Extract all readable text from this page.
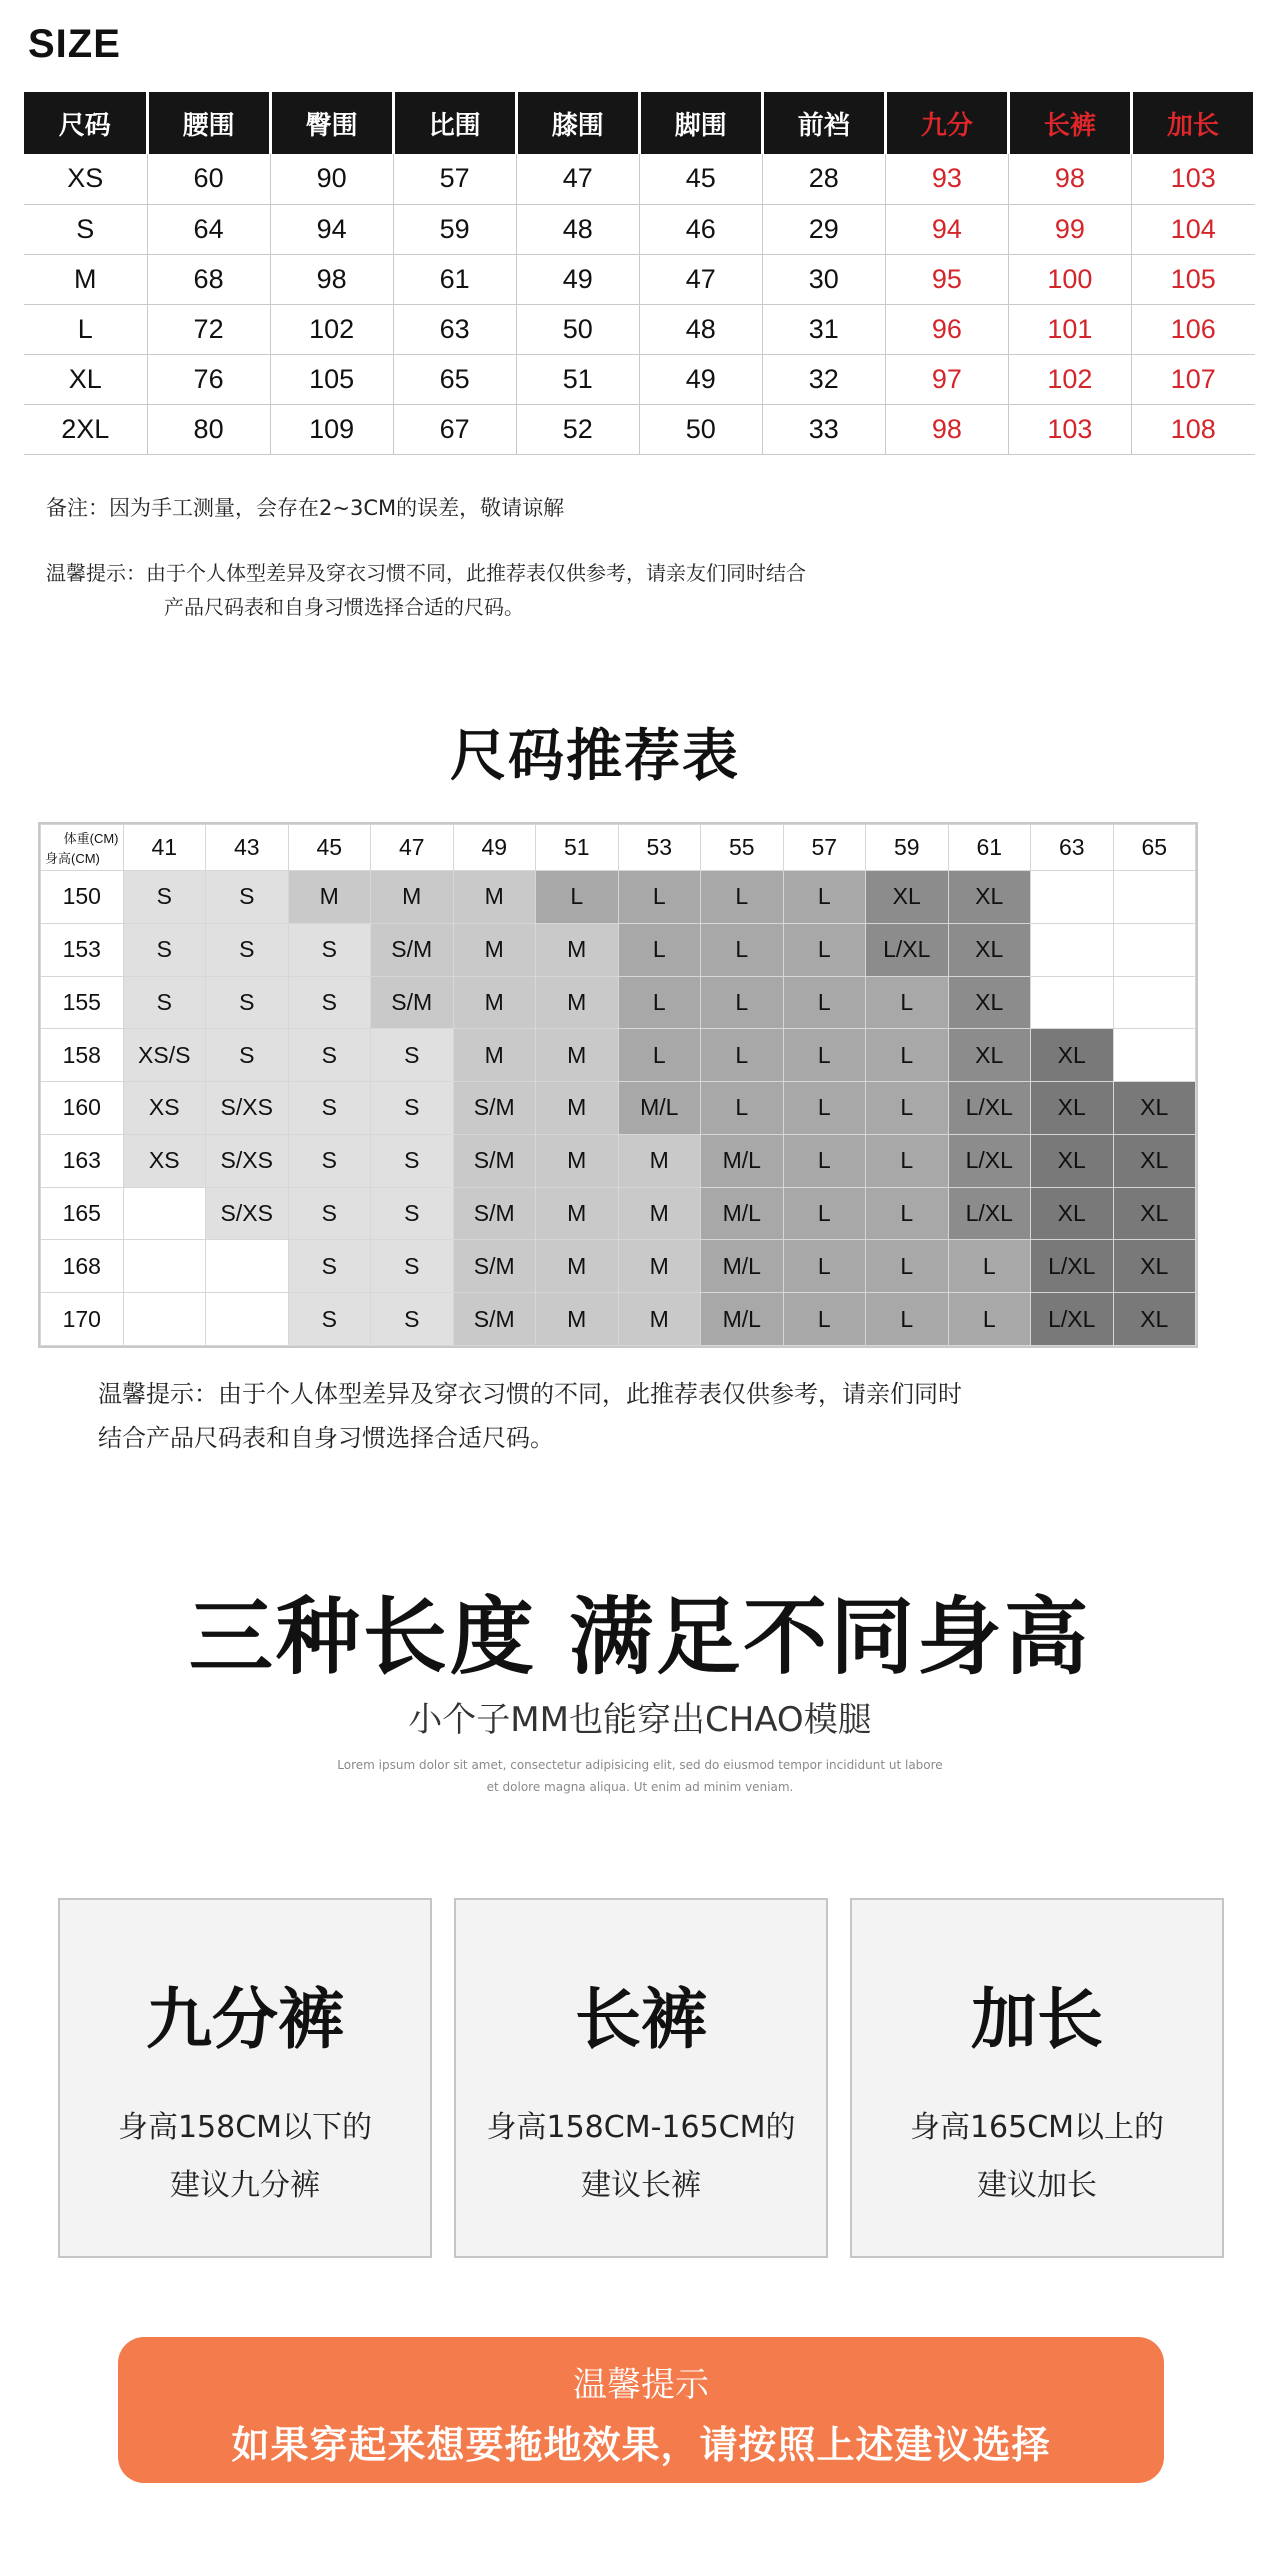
SIZE
尺码	腰围	臀围	比围	膝围	脚围	前裆	九分	长裤	加长
XS	60	90	57	47	45	28	93	98	103
S	64	94	59	48	46	29	94	99	104
M	68	98	61	49	47	30	95	100	105
L	72	102	63	50	48	31	96	101	106
XL	76	105	65	51	49	32	97	102	107
2XL	80	109	67	52	50	33	98	103	108
备注：因为手工测量，会存在2~3CM的误差，敬请谅解
温馨提示：由于个人体型差异及穿衣习惯不同，此推荐表仅供参考，请亲友们同时结合
产品尺码表和自身习惯选择合适的尺码。
尺码推荐表
体重(CM)
身高(CM)	41	43	45	47	49	51	53	55	57	59	61	63	65
150	S	S	M	M	M	L	L	L	L	XL	XL		
153	S	S	S	S/M	M	M	L	L	L	L/XL	XL		
155	S	S	S	S/M	M	M	L	L	L	L	XL		
158	XS/S	S	S	S	M	M	L	L	L	L	XL	XL	
160	XS	S/XS	S	S	S/M	M	M/L	L	L	L	L/XL	XL	XL
163	XS	S/XS	S	S	S/M	M	M	M/L	L	L	L/XL	XL	XL
165		S/XS	S	S	S/M	M	M	M/L	L	L	L/XL	XL	XL
168			S	S	S/M	M	M	M/L	L	L	L	L/XL	XL
170			S	S	S/M	M	M	M/L	L	L	L	L/XL	XL
温馨提示：由于个人体型差异及穿衣习惯的不同，此推荐表仅供参考，请亲们同时
结合产品尺码表和自身习惯选择合适尺码。
三种长度 满足不同身高
小个子MM也能穿出CHAO模腿
Lorem ipsum dolor sit amet, consectetur adipisicing elit, sed do eiusmod tempor incididunt ut labore
et dolore magna aliqua. Ut enim ad minim veniam.
九分裤
身高158CM以下的
建议九分裤
长裤
身高158CM-165CM的
建议长裤
加长
身高165CM以上的
建议加长
温馨提示
如果穿起来想要拖地效果，请按照上述建议选择
